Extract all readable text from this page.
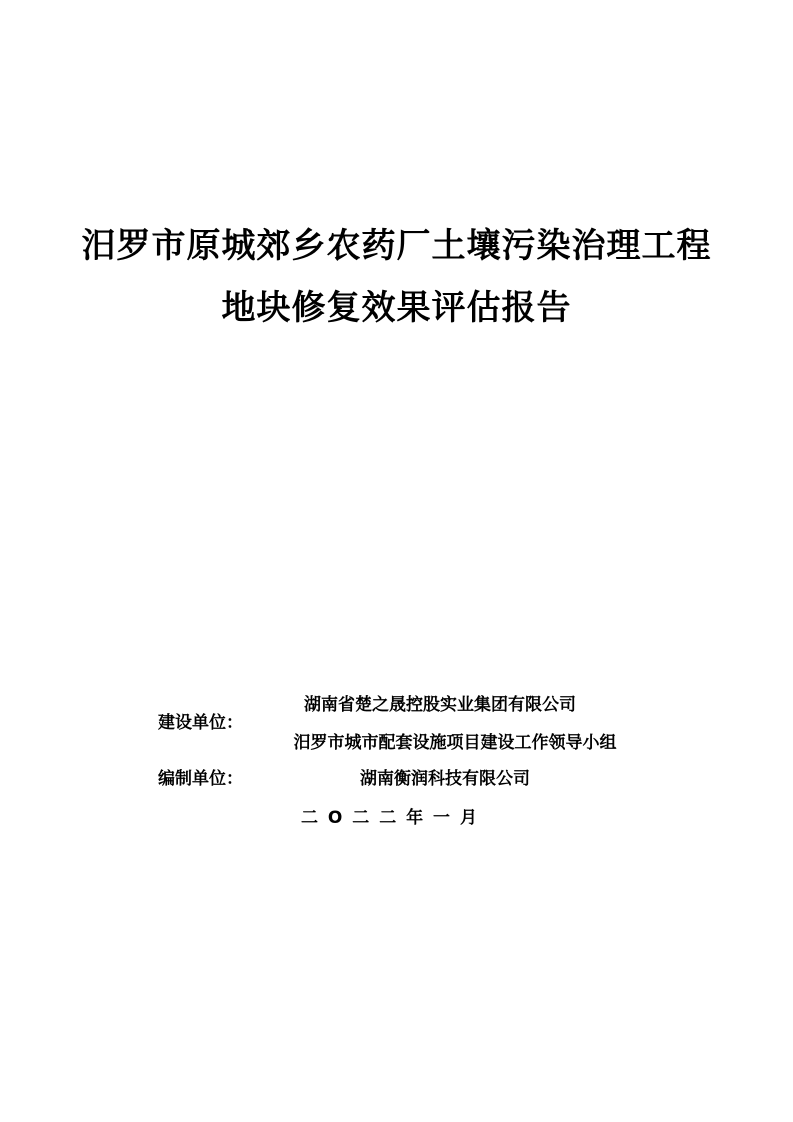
汨罗市原城郊乡农药厂土壤污染治理工程
地块修复效果评估报告
湖南省楚之晟控股实业集团有限公司
建设单位：
汨罗市城市配套设施项目建设工作领导小组
编制单位：	湖南衡润科技有限公司
二 O 二 二 年 一 月
